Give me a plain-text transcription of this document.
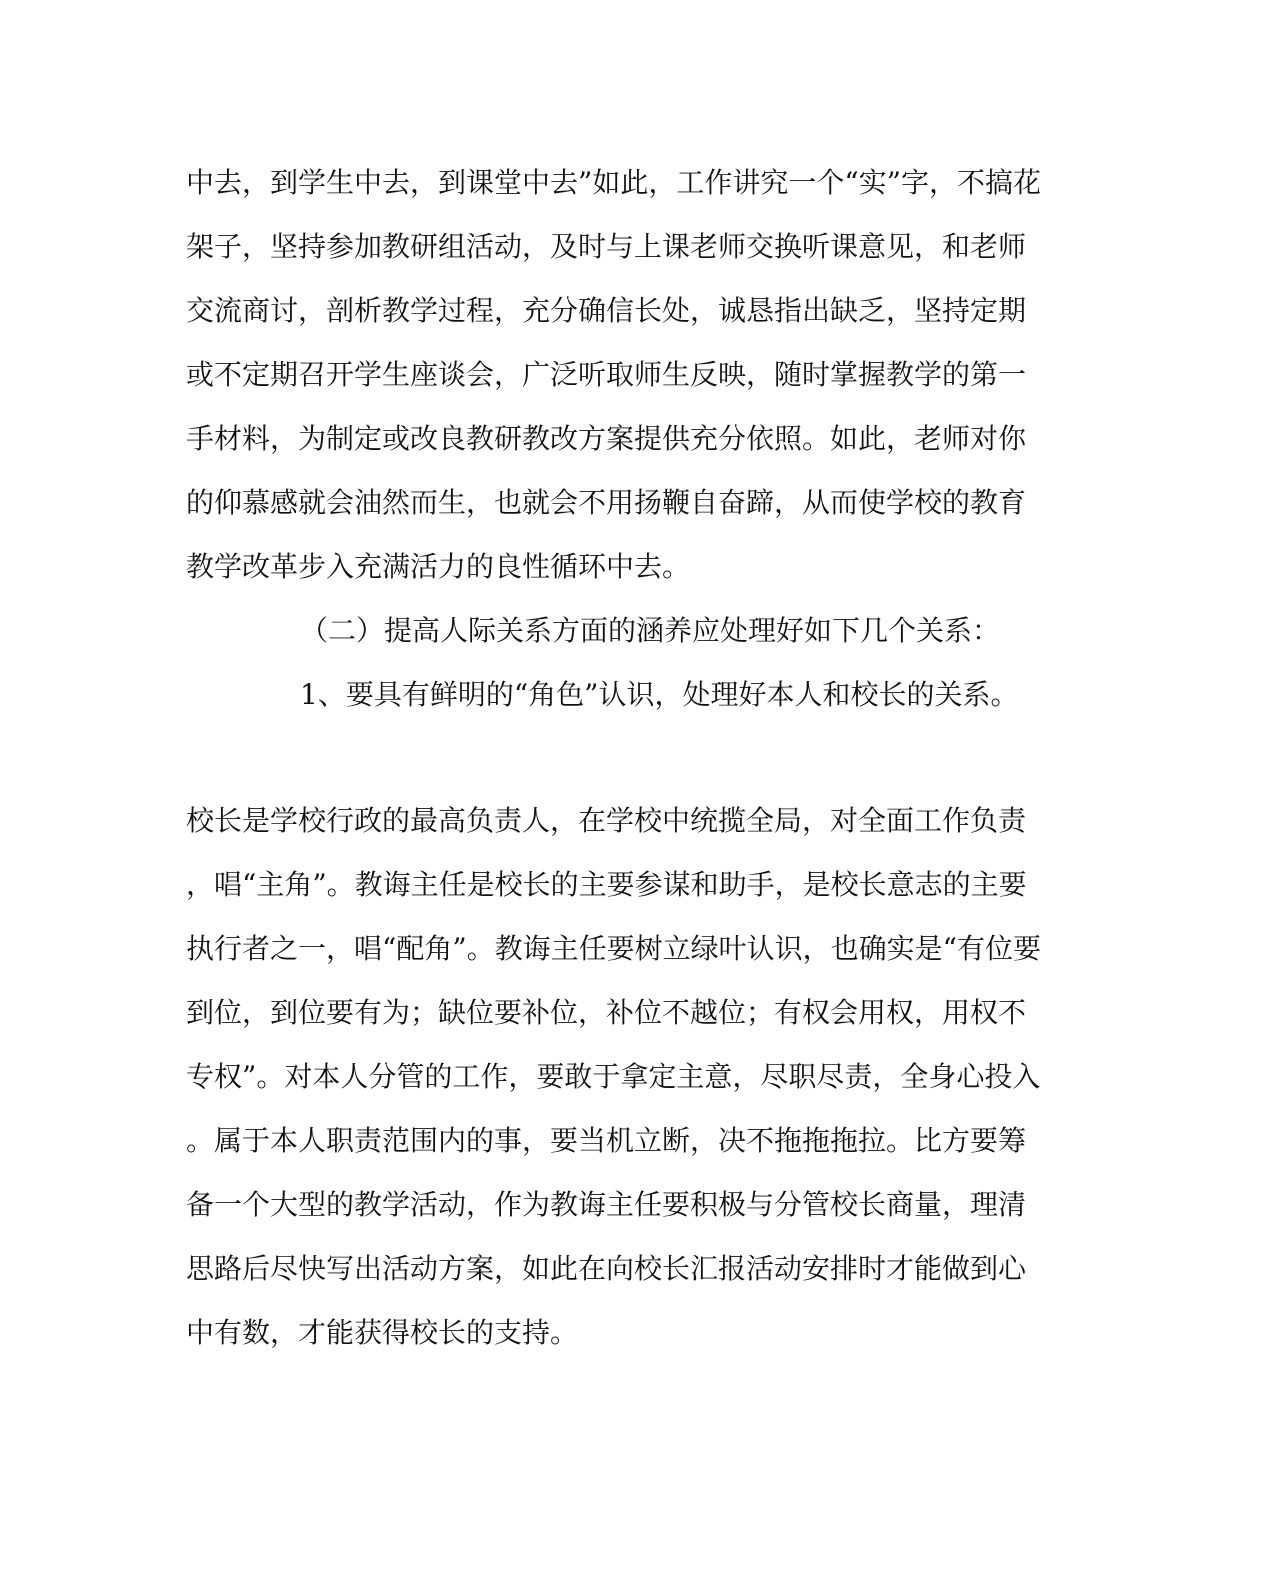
中去，到学生中去，到课堂中去”如此，工作讲究一个“实”字，不搞花
架子，坚持参加教研组活动，及时与上课老师交换听课意见，和老师
交流商讨，剖析教学过程，充分确信长处，诚恳指出缺乏，坚持定期
或不定期召开学生座谈会，广泛听取师生反映，随时掌握教学的第一
手材料，为制定或改良教研教改方案提供充分依照。如此，老师对你
的仰慕感就会油然而生，也就会不用扬鞭自奋蹄，从而使学校的教育
教学改革步入充满活力的良性循环中去。
（二）提高人际关系方面的涵养应处理好如下几个关系：
1、要具有鲜明的“角色”认识，处理好本人和校长的关系。
校长是学校行政的最高负责人，在学校中统揽全局，对全面工作负责
，唱“主角”。教诲主任是校长的主要参谋和助手，是校长意志的主要
执行者之一，唱“配角”。教诲主任要树立绿叶认识，也确实是“有位要
到位，到位要有为；缺位要补位，补位不越位；有权会用权，用权不
专权”。对本人分管的工作，要敢于拿定主意，尽职尽责，全身心投入
。属于本人职责范围内的事，要当机立断，决不拖拖拖拉。比方要筹
备一个大型的教学活动，作为教诲主任要积极与分管校长商量，理清
思路后尽快写出活动方案，如此在向校长汇报活动安排时才能做到心
中有数，才能获得校长的支持。
